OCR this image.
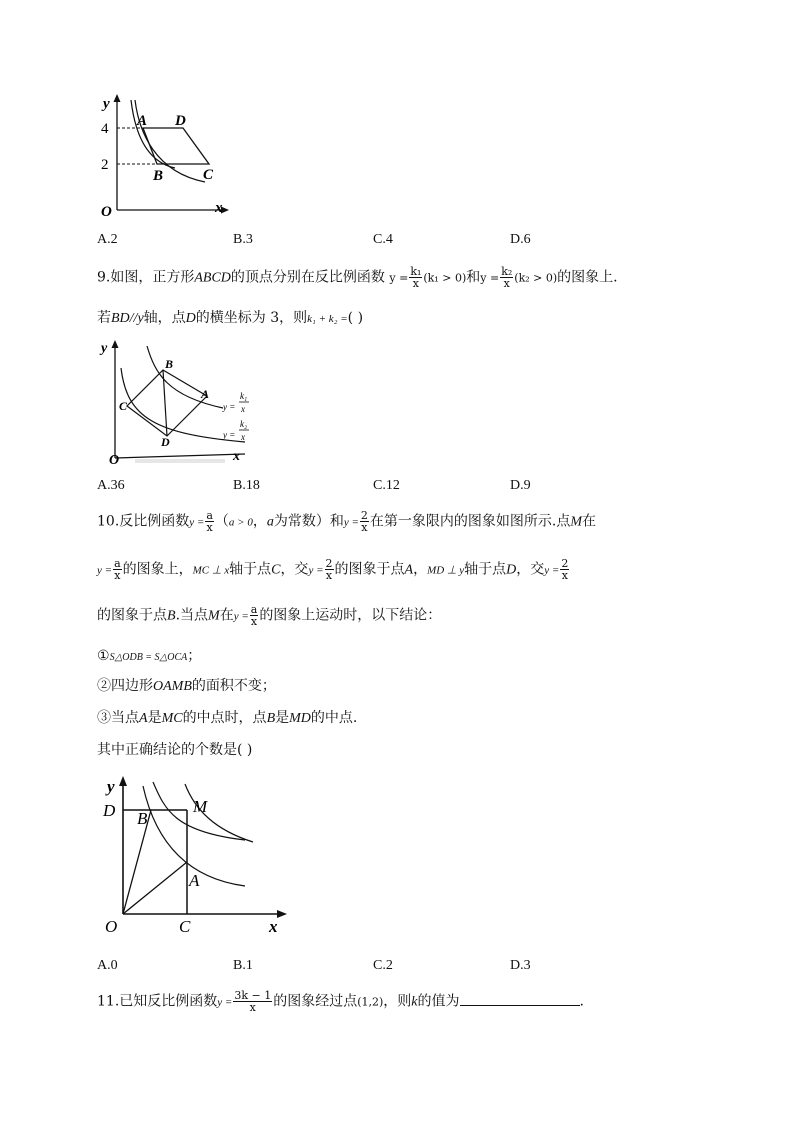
y
4
2
O	x
A D
B	C
A.2	B.3	C.4	D.6
9.如图，正方形ABCD的顶点分别在反比例函数 $y = \frac{\text{k₁}}{x} (k_1 > 0)$和$y = \frac{\text{k₂}}{x} (k_2 > 0)$的图象上.
若BD//y轴，点D的横坐标为 3，则k₁ + k₂ =( )
y
O	x
B
A
C
D
y =
k₁
x
y =
k₂
x
A.36	B.18	C.12	D.9
10.反比例函数$y = \frac{a}{x} (a > 0$，a为常数）和$y = \frac{2}{x}$ 在第一象限内的图象如图所示.点M在
$y = \frac{a}{x}$ 的图象上，MC ⊥ x轴于点C，交$y = \frac{2}{x}$ 的图象于点A，MD ⊥ y轴于点D，交$y = \frac{2}{x}$
的图象于点B.当点M在$y = \frac{a}{x}$ 的图象上运动时，以下结论：
①S△ODB = S△OCA；
②四边形OAMB的面积不变；
③当点A是MC的中点时，点B是MD的中点.
其中正确结论的个数是( )
y
D B
M
A
O	C	x
A.0	B.1	C.2	D.3
11.已知反比例函数$y = \frac{3k - 1}{x}$ 的图象经过点(1,2)，则k的值为	.
